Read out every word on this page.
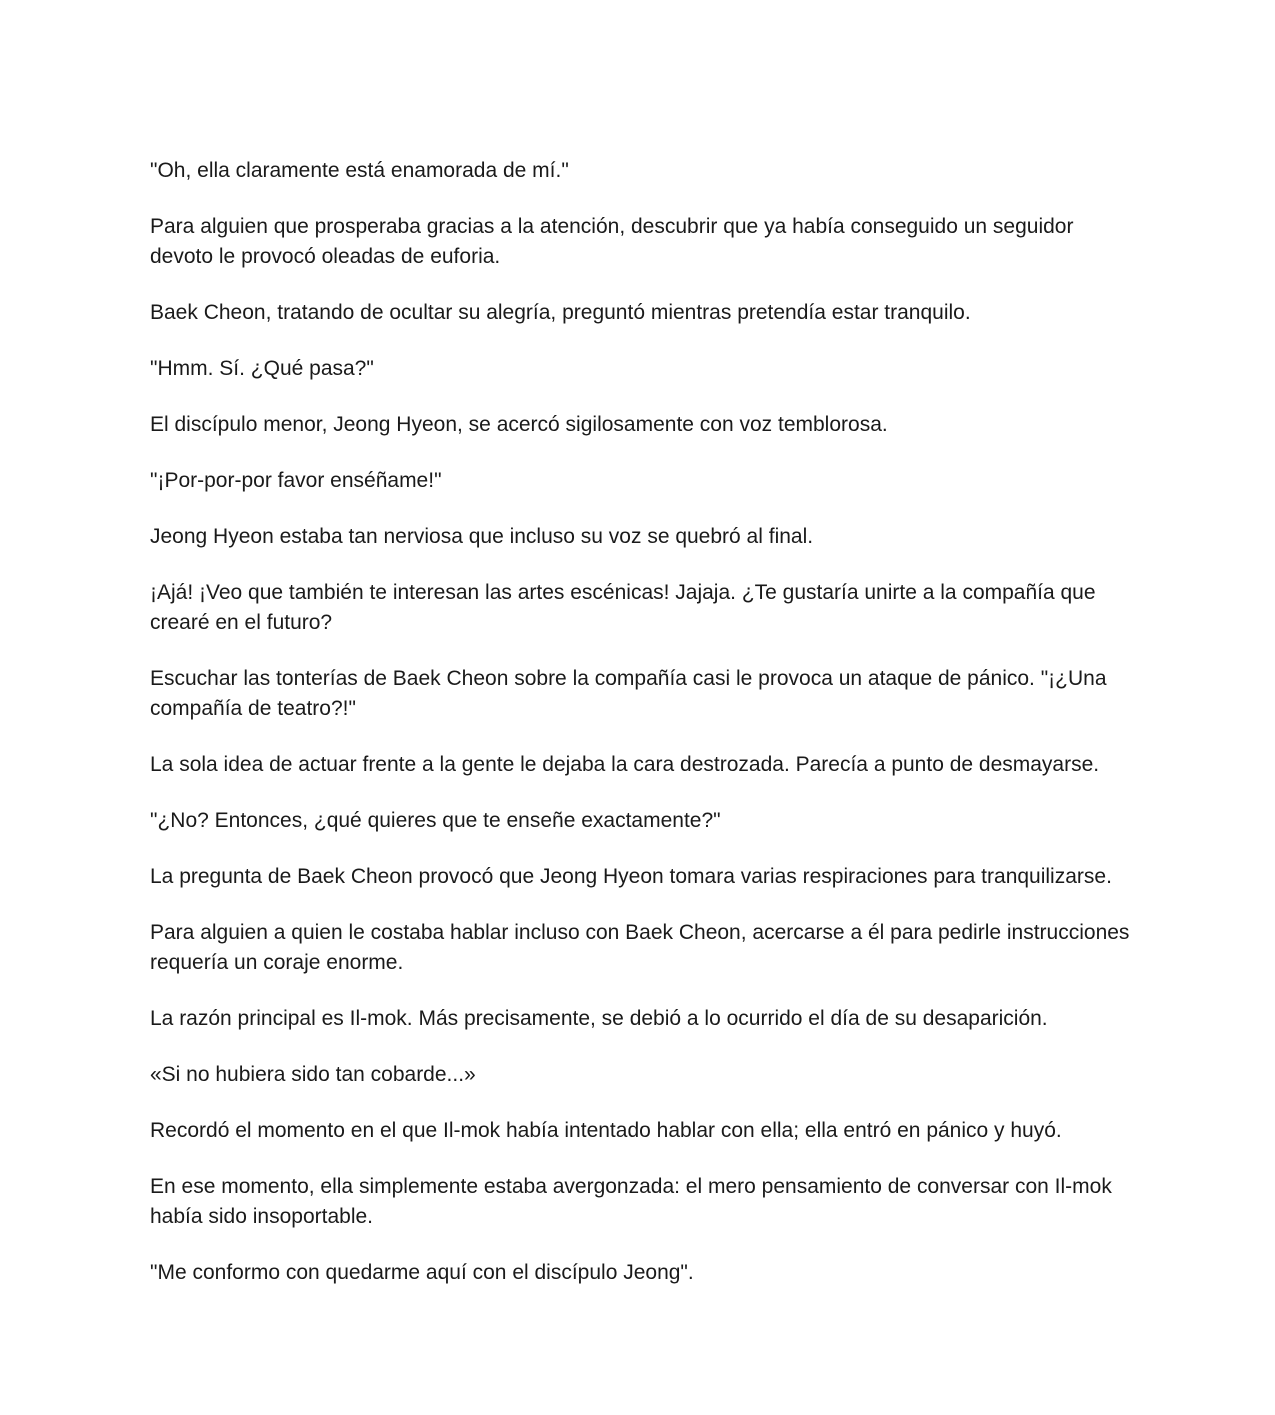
"Oh, ella claramente está enamorada de mí."

Para alguien que prosperaba gracias a la atención, descubrir que ya había conseguido un seguidor devoto le provocó oleadas de euforia.

Baek Cheon, tratando de ocultar su alegría, preguntó mientras pretendía estar tranquilo.

"Hmm. Sí. ¿Qué pasa?"

El discípulo menor, Jeong Hyeon, se acercó sigilosamente con voz temblorosa.

"¡Por-por-por favor enséñame!"

Jeong Hyeon estaba tan nerviosa que incluso su voz se quebró al final.

¡Ajá! ¡Veo que también te interesan las artes escénicas! Jajaja. ¿Te gustaría unirte a la compañía que crearé en el futuro?

Escuchar las tonterías de Baek Cheon sobre la compañía casi le provoca un ataque de pánico. "¡¿Una compañía de teatro?!"

La sola idea de actuar frente a la gente le dejaba la cara destrozada. Parecía a punto de desmayarse.

"¿No? Entonces, ¿qué quieres que te enseñe exactamente?"

La pregunta de Baek Cheon provocó que Jeong Hyeon tomara varias respiraciones para tranquilizarse.

Para alguien a quien le costaba hablar incluso con Baek Cheon, acercarse a él para pedirle instrucciones requería un coraje enorme.

La razón principal es Il-mok. Más precisamente, se debió a lo ocurrido el día de su desaparición.

«Si no hubiera sido tan cobarde...»

Recordó el momento en el que Il-mok había intentado hablar con ella; ella entró en pánico y huyó.

En ese momento, ella simplemente estaba avergonzada: el mero pensamiento de conversar con Il-mok había sido insoportable.

"Me conformo con quedarme aquí con el discípulo Jeong".
